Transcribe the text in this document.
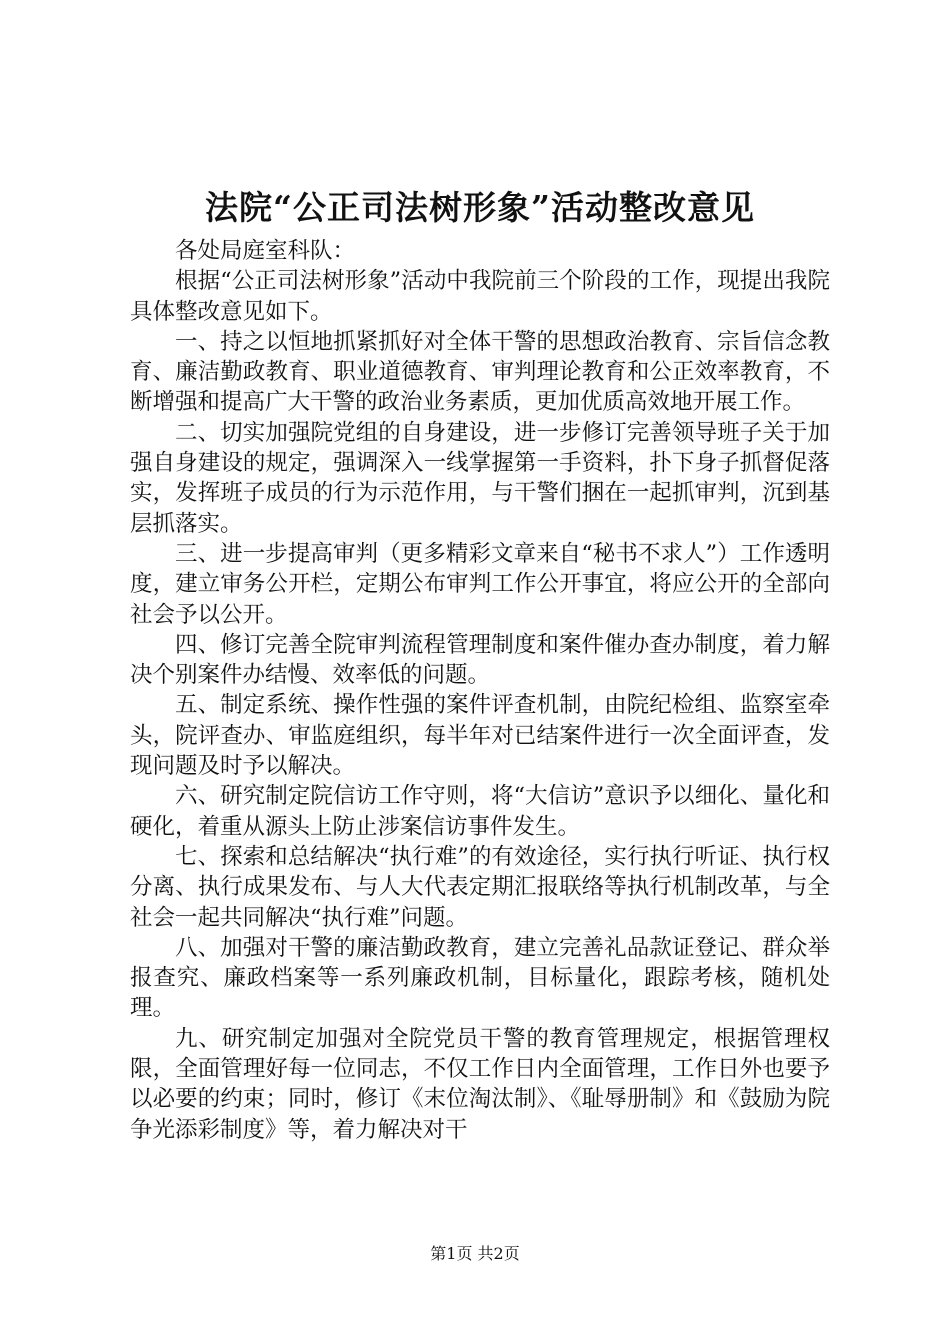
法院“公正司法树形象”活动整改意见

各处局庭室科队：

根据“公正司法树形象”活动中我院前三个阶段的工作，现提出我院具体整改意见如下。

一、持之以恒地抓紧抓好对全体干警的思想政治教育、宗旨信念教育、廉洁勤政教育、职业道德教育、审判理论教育和公正效率教育，不断增强和提高广大干警的政治业务素质，更加优质高效地开展工作。

二、切实加强院党组的自身建设，进一步修订完善领导班子关于加强自身建设的规定，强调深入一线掌握第一手资料，扑下身子抓督促落实，发挥班子成员的行为示范作用，与干警们捆在一起抓审判，沉到基层抓落实。

三、进一步提高审判（更多精彩文章来自“秘书不求人”）工作透明度，建立审务公开栏，定期公布审判工作公开事宜，将应公开的全部向社会予以公开。

四、修订完善全院审判流程管理制度和案件催办查办制度，着力解决个别案件办结慢、效率低的问题。

五、制定系统、操作性强的案件评查机制，由院纪检组、监察室牵头，院评查办、审监庭组织，每半年对已结案件进行一次全面评查，发现问题及时予以解决。

六、研究制定院信访工作守则，将“大信访”意识予以细化、量化和硬化，着重从源头上防止涉案信访事件发生。

七、探索和总结解决“执行难”的有效途径，实行执行听证、执行权分离、执行成果发布、与人大代表定期汇报联络等执行机制改革，与全社会一起共同解决“执行难”问题。

八、加强对干警的廉洁勤政教育，建立完善礼品款证登记、群众举报查究、廉政档案等一系列廉政机制，目标量化，跟踪考核，随机处理。

九、研究制定加强对全院党员干警的教育管理规定，根据管理权限，全面管理好每一位同志，不仅工作日内全面管理，工作日外也要予以必要的约束；同时，修订《末位淘汰制》、《耻辱册制》和《鼓励为院争光添彩制度》等，着力解决对干

第1页 共2页
